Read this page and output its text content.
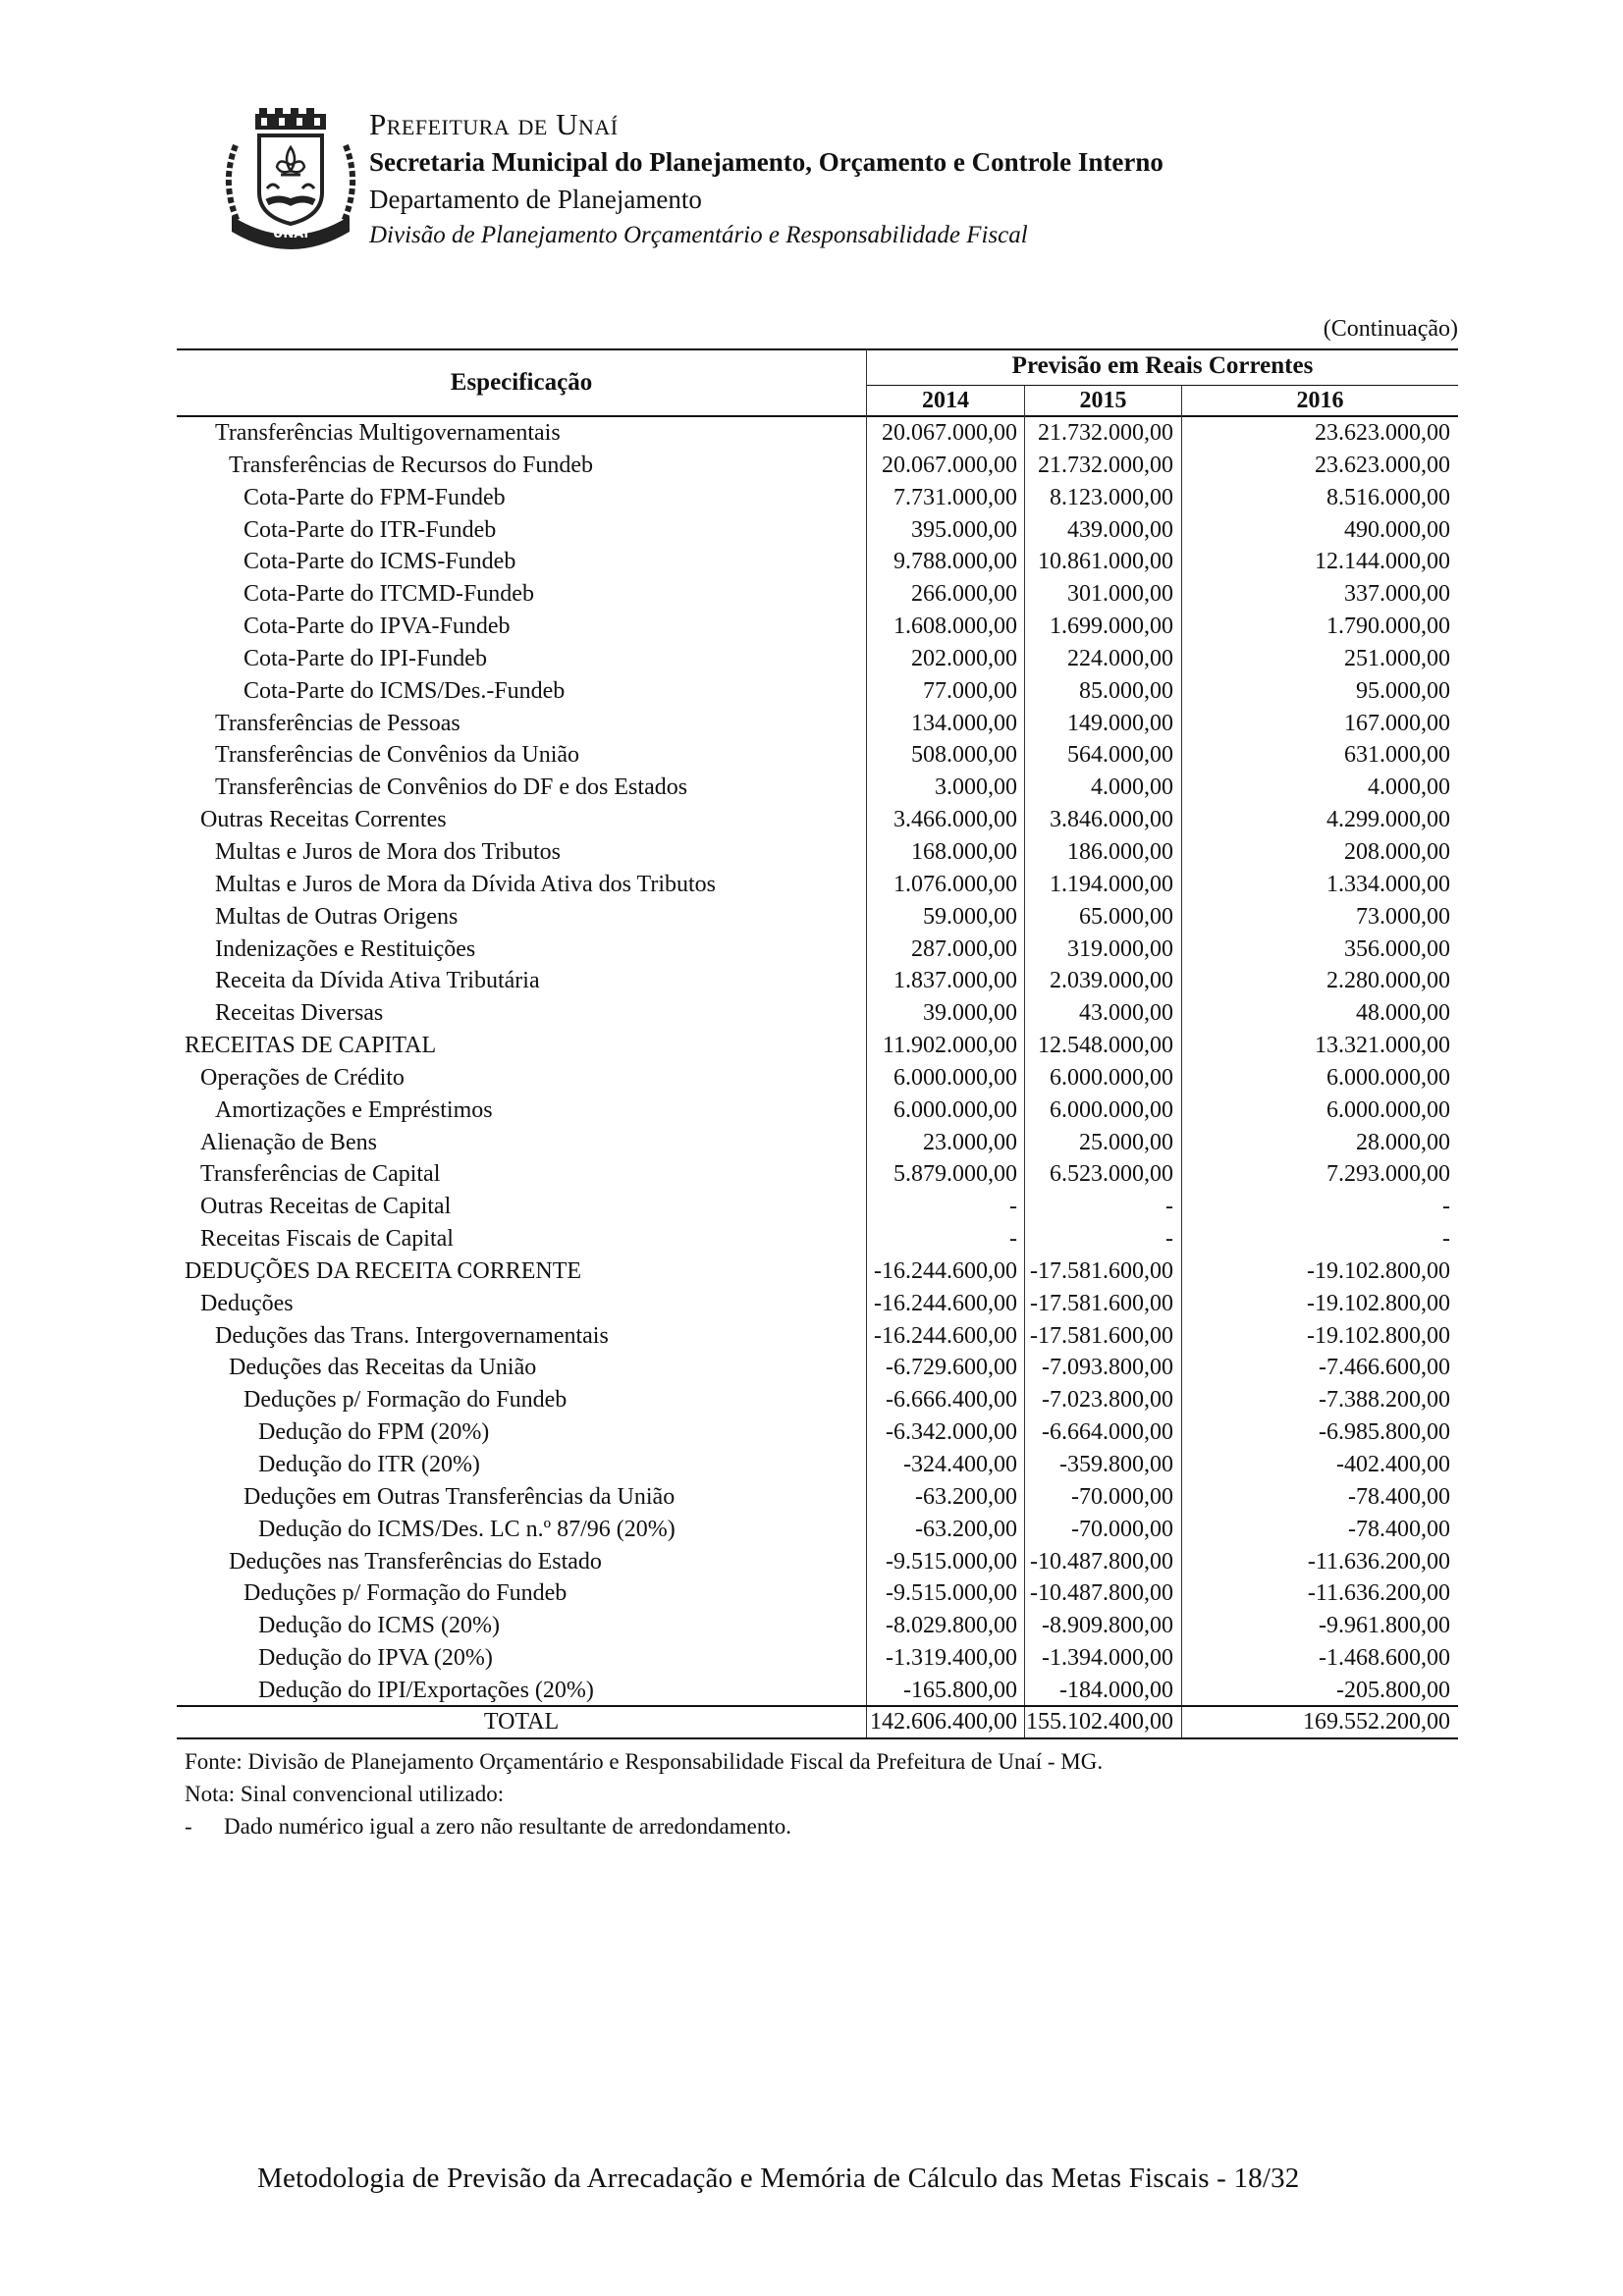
UNAÍ
Prefeitura de Unaí
Secretaria Municipal do Planejamento, Orçamento e Controle Interno
Departamento de Planejamento
Divisão de Planejamento Orçamentário e Responsabilidade Fiscal
(Continuação)
Especificação
Previsão em Reais Correntes
2014	2015	2016
Transferências Multigovernamentais	20.067.000,00 21.732.000,00	23.623.000,00
Transferências de Recursos do Fundeb	20.067.000,00 21.732.000,00	23.623.000,00
Cota-Parte do FPM-Fundeb	7.731.000,00	8.123.000,00	8.516.000,00
Cota-Parte do ITR-Fundeb	395.000,00	439.000,00	490.000,00
Cota-Parte do ICMS-Fundeb	9.788.000,00 10.861.000,00	12.144.000,00
Cota-Parte do ITCMD-Fundeb	266.000,00	301.000,00	337.000,00
Cota-Parte do IPVA-Fundeb	1.608.000,00	1.699.000,00	1.790.000,00
Cota-Parte do IPI-Fundeb	202.000,00	224.000,00	251.000,00
Cota-Parte do ICMS/Des.-Fundeb	77.000,00	85.000,00	95.000,00
Transferências de Pessoas	134.000,00	149.000,00	167.000,00
Transferências de Convênios da União	508.000,00	564.000,00	631.000,00
Transferências de Convênios do DF e dos Estados	3.000,00	4.000,00	4.000,00
Outras Receitas Correntes	3.466.000,00	3.846.000,00	4.299.000,00
Multas e Juros de Mora dos Tributos	168.000,00	186.000,00	208.000,00
Multas e Juros de Mora da Dívida Ativa dos Tributos	1.076.000,00	1.194.000,00	1.334.000,00
Multas de Outras Origens	59.000,00	65.000,00	73.000,00
Indenizações e Restituições	287.000,00	319.000,00	356.000,00
Receita da Dívida Ativa Tributária	1.837.000,00	2.039.000,00	2.280.000,00
Receitas Diversas	39.000,00	43.000,00	48.000,00
RECEITAS DE CAPITAL	11.902.000,00 12.548.000,00	13.321.000,00
Operações de Crédito	6.000.000,00	6.000.000,00	6.000.000,00
Amortizações e Empréstimos	6.000.000,00	6.000.000,00	6.000.000,00
Alienação de Bens	23.000,00	25.000,00	28.000,00
Transferências de Capital	5.879.000,00	6.523.000,00	7.293.000,00
Outras Receitas de Capital	-	-	-
Receitas Fiscais de Capital	-	-	-
DEDUÇÕES DA RECEITA CORRENTE	-16.244.600,00 -17.581.600,00	-19.102.800,00
Deduções	-16.244.600,00 -17.581.600,00	-19.102.800,00
Deduções das Trans. Intergovernamentais	-16.244.600,00 -17.581.600,00	-19.102.800,00
Deduções das Receitas da União	-6.729.600,00	-7.093.800,00	-7.466.600,00
Deduções p/ Formação do Fundeb	-6.666.400,00	-7.023.800,00	-7.388.200,00
Dedução do FPM (20%)	-6.342.000,00	-6.664.000,00	-6.985.800,00
Dedução do ITR (20%)	-324.400,00	-359.800,00	-402.400,00
Deduções em Outras Transferências da União	-63.200,00	-70.000,00	-78.400,00
Dedução do ICMS/Des. LC n.º 87/96 (20%)	-63.200,00	-70.000,00	-78.400,00
Deduções nas Transferências do Estado	-9.515.000,00 -10.487.800,00	-11.636.200,00
Deduções p/ Formação do Fundeb	-9.515.000,00 -10.487.800,00	-11.636.200,00
Dedução do ICMS (20%)	-8.029.800,00	-8.909.800,00	-9.961.800,00
Dedução do IPVA (20%)	-1.319.400,00	-1.394.000,00	-1.468.600,00
Dedução do IPI/Exportações (20%)	-165.800,00	-184.000,00	-205.800,00
TOTAL	142.606.400,00 155.102.400,00	169.552.200,00
Fonte: Divisão de Planejamento Orçamentário e Responsabilidade Fiscal da Prefeitura de Unaí - MG.
Nota: Sinal convencional utilizado:
- Dado numérico igual a zero não resultante de arredondamento.
Metodologia de Previsão da Arrecadação e Memória de Cálculo das Metas Fiscais - 18/32
